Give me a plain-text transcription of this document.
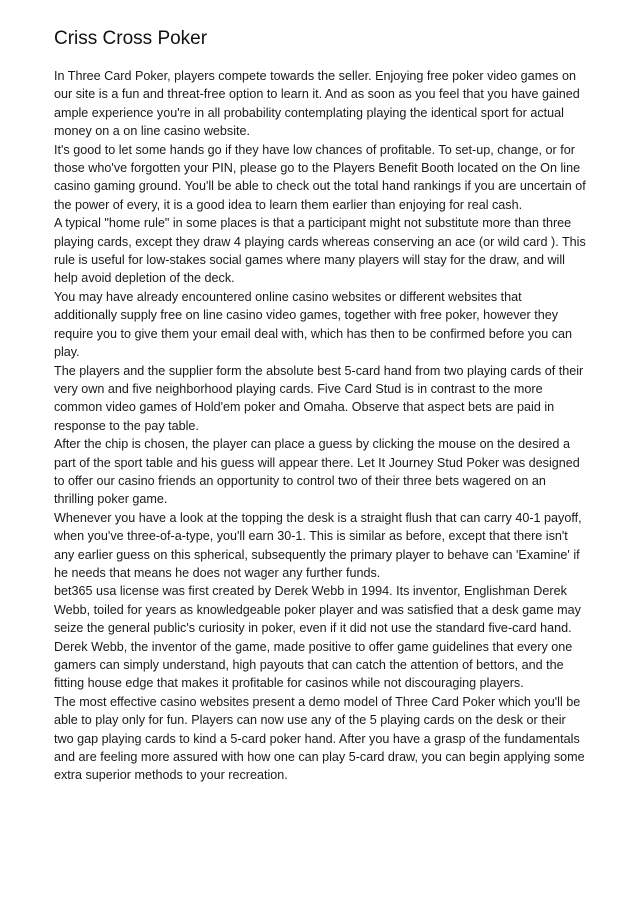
Criss Cross Poker

In Three Card Poker, players compete towards the seller. Enjoying free poker video games on our site is a fun and threat-free option to learn it. And as soon as you feel that you have gained ample experience you're in all probability contemplating playing the identical sport for actual money on a on line casino website.

It's good to let some hands go if they have low chances of profitable. To set-up, change, or for those who've forgotten your PIN, please go to the Players Benefit Booth located on the On line casino gaming ground. You'll be able to check out the total hand rankings if you are uncertain of the power of every, it is a good idea to learn them earlier than enjoying for real cash.

A typical "home rule" in some places is that a participant might not substitute more than three playing cards, except they draw 4 playing cards whereas conserving an ace (or wild card ). This rule is useful for low-stakes social games where many players will stay for the draw, and will help avoid depletion of the deck.

You may have already encountered online casino websites or different websites that additionally supply free on line casino video games, together with free poker, however they require you to give them your email deal with, which has then to be confirmed before you can play.

The players and the supplier form the absolute best 5-card hand from two playing cards of their very own and five neighborhood playing cards. Five Card Stud is in contrast to the more common video games of Hold'em poker and Omaha. Observe that aspect bets are paid in response to the pay table.

After the chip is chosen, the player can place a guess by clicking the mouse on the desired a part of the sport table and his guess will appear there. Let It Journey Stud Poker was designed to offer our casino friends an opportunity to control two of their three bets wagered on an thrilling poker game.

Whenever you have a look at the topping the desk is a straight flush that can carry 40-1 payoff, when you've three-of-a-type, you'll earn 30-1. This is similar as before, except that there isn't any earlier guess on this spherical, subsequently the primary player to behave can 'Examine' if he needs that means he does not wager any further funds.

bet365 usa license was first created by Derek Webb in 1994. Its inventor, Englishman Derek Webb, toiled for years as knowledgeable poker player and was satisfied that a desk game may seize the general public's curiosity in poker, even if it did not use the standard five-card hand.

Derek Webb, the inventor of the game, made positive to offer game guidelines that every one gamers can simply understand, high payouts that can catch the attention of bettors, and the fitting house edge that makes it profitable for casinos while not discouraging players.

The most effective casino websites present a demo model of Three Card Poker which you'll be able to play only for fun. Players can now use any of the 5 playing cards on the desk or their two gap playing cards to kind a 5-card poker hand. After you have a grasp of the fundamentals and are feeling more assured with how one can play 5-card draw, you can begin applying some extra superior methods to your recreation.
